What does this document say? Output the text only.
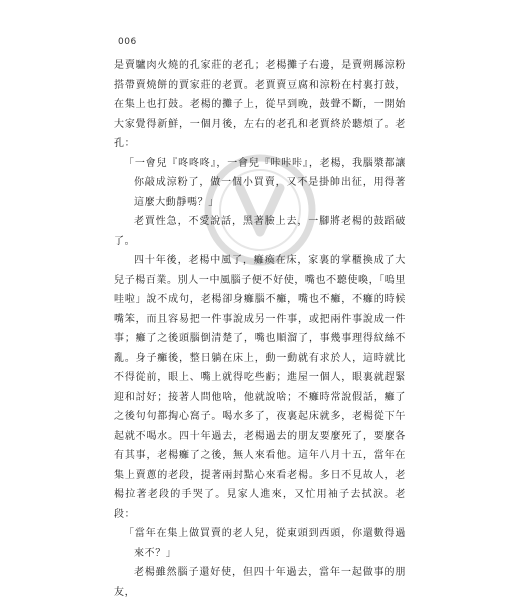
006

是賣驢肉火燒的孔家莊的老孔；老楊攤子右邊，是賣朔縣涼粉搭帶賣燒餅的賈家莊的老賈。老賈賣豆腐和涼粉在村裏打鼓，在集上也打鼓。老楊的攤子上，從早到晚，鼓聲不斷，一開始大家覺得新鮮，一個月後，左右的老孔和老賈終於聽煩了。老孔：

「一會兒『咚咚咚』，一會兒『咔咔咔』，老楊，我腦漿都讓你敲成涼粉了，做一個小買賣，又不是掛帥出征，用得著這麼大動靜嗎？」

老賈性急，不愛說話，黑著臉上去，一腳將老楊的鼓蹈破了。

四十年後，老楊中風了，癱瘓在床，家裏的掌櫃換成了大兒子楊百業。別人一中風腦子便不好使，嘴也不聽使喚，「嗚里哇啦」說不成句，老楊卻身癱腦不癱，嘴也不癱，不癱的時候嘴笨，而且容易把一件事說成另一件事，或把兩件事說成一件事；癱了之後頭腦倒清楚了，嘴也順溜了，事幾事理得紋絲不亂。身子癱後，整日躺在床上，動一動就有求於人，這時就比不得從前，眼上、嘴上就得吃些虧；進屋一個人，眼裏就趕緊迎和討好；接著人問他啥，他就說啥；不癱時常說假話，癱了之後句句都掏心窩子。喝水多了，夜裏起床就多，老楊從下午起就不喝水。四十年過去，老楊過去的朋友要麼死了，要麼各有其事，老楊癱了之後，無人來看他。這年八月十五，當年在集上賣蔥的老段，提著兩封點心來看老楊。多日不見故人，老楊拉著老段的手哭了。見家人進來，又忙用袖子去拭淚。老段：

「當年在集上做買賣的老人兒，從東頭到西頭，你還數得過來不？」

老楊雖然腦子還好使，但四十年過去，當年一起做事的朋友，
